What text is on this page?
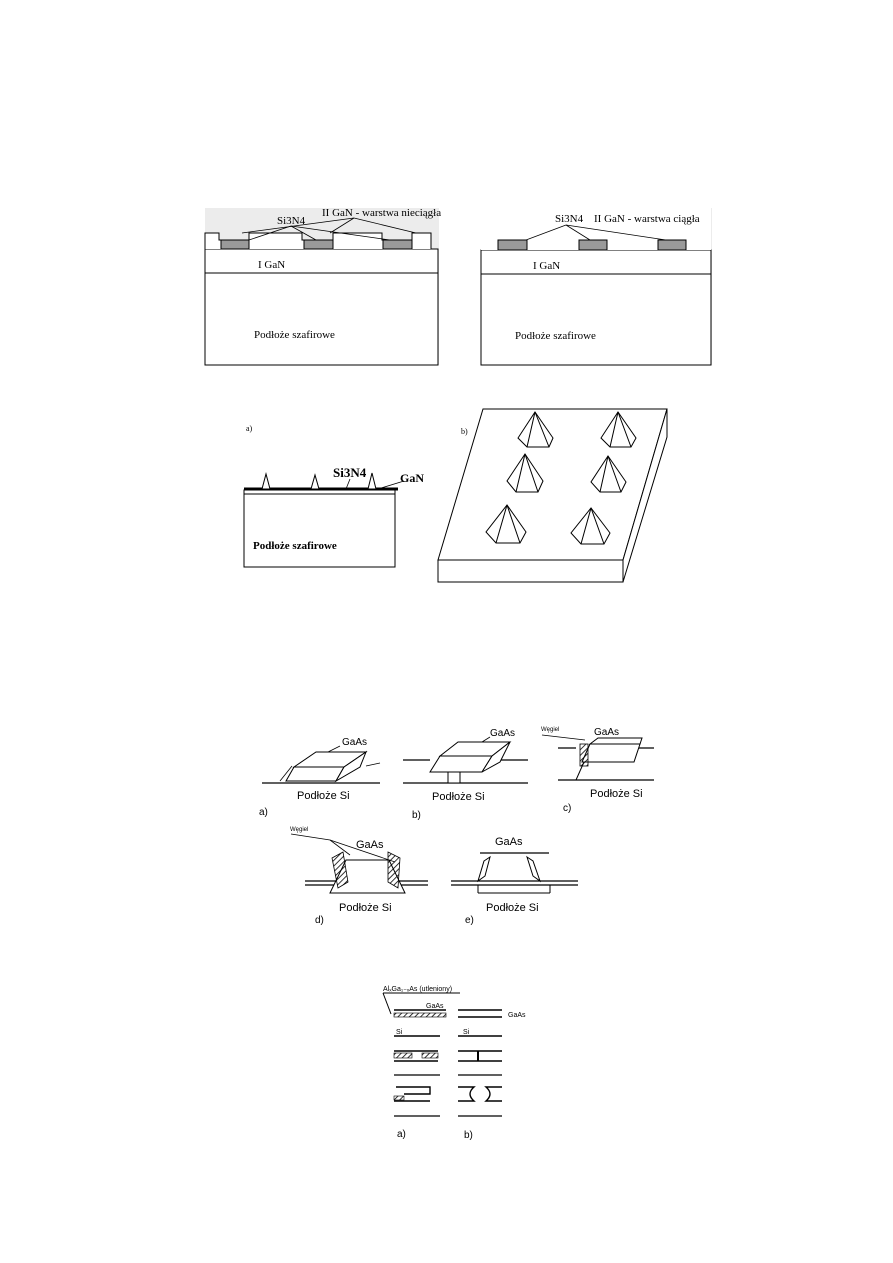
Si3N4
II GaN - warstwa nieciągła
I GaN
Podłoże szafirowe
Si3N4 II GaN - warstwa ciągła
I GaN
Podłoże szafirowe
a)
Si3N4	GaN
Podłoże szafirowe
b)
GaAs
Podłoże Si
a)
GaAs
Podłoże Si
b)
Węgiel	GaAs
Podłoże Si
c)
Węgiel
GaAs
Podłoże Si
d)
GaAs
Podłoże Si
e)
AlₓGa₁₋ₓAs (utleniony)
GaAs
GaAs
Si	Si
a)	b)
